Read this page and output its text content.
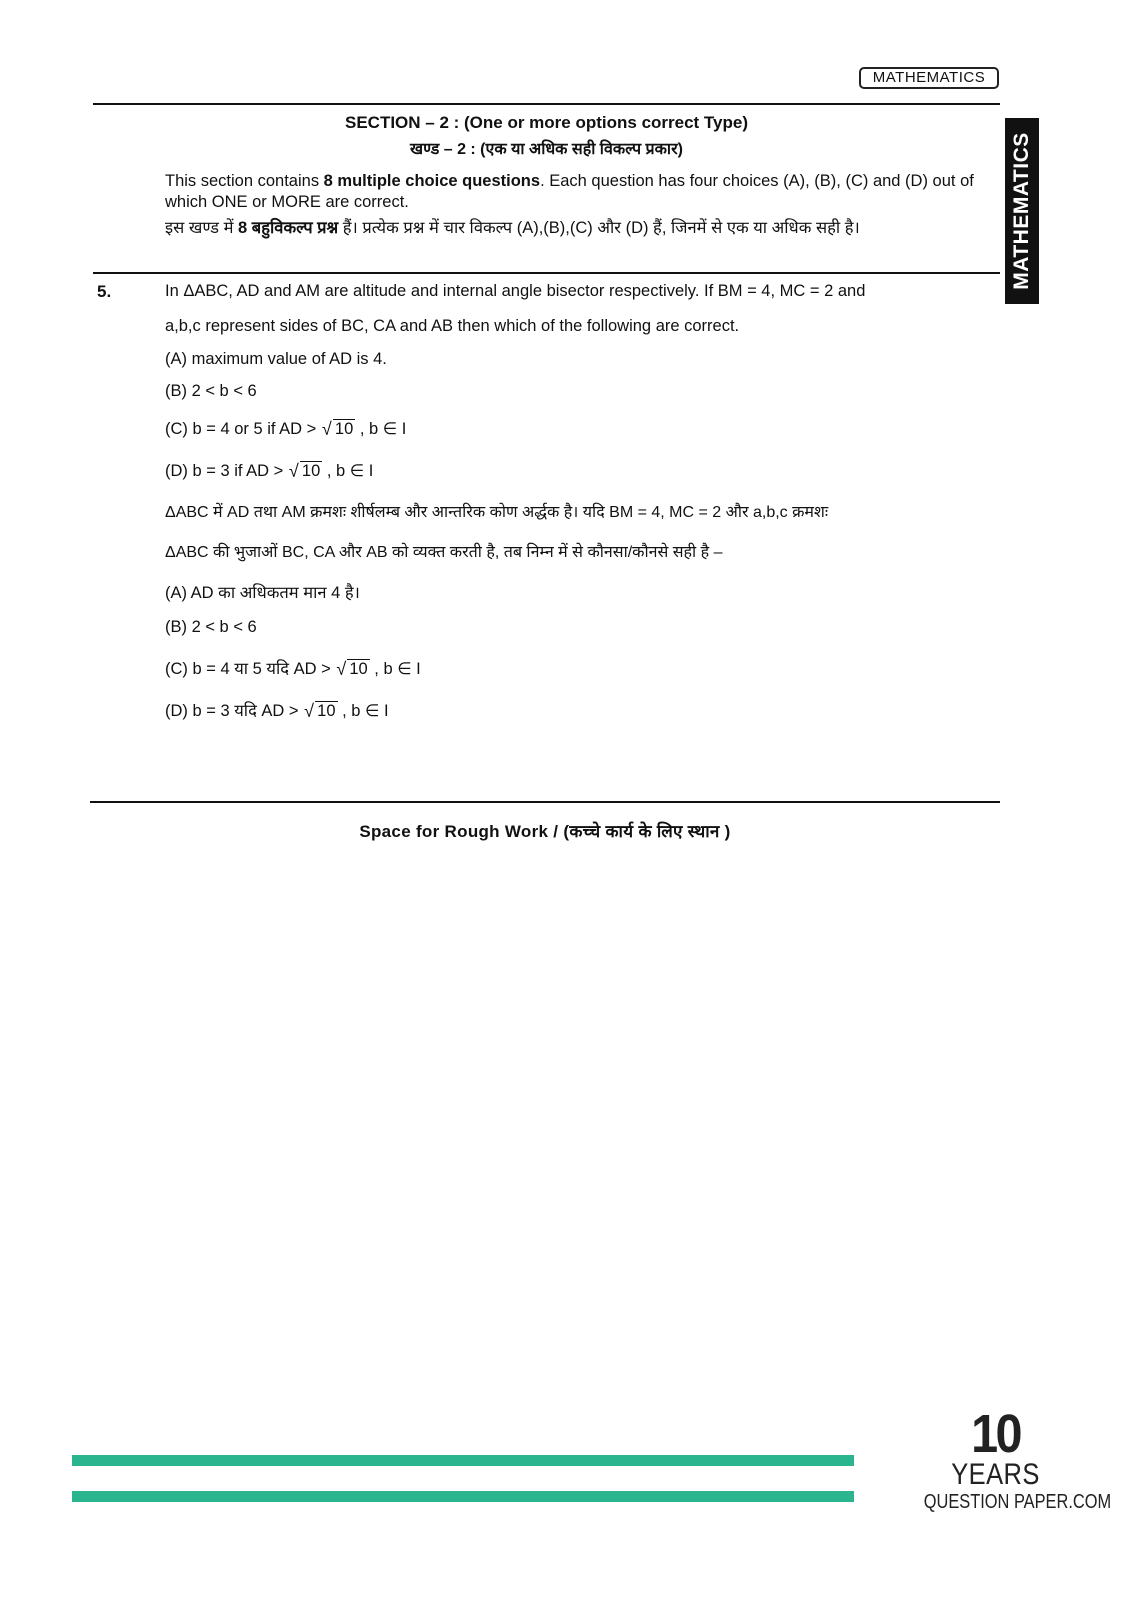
MATHEMATICS
MATHEMATICS
SECTION – 2 : (One or more options correct Type)
खण्ड – 2 : (एक या अधिक सही विकल्प प्रकार)
This section contains 8 multiple choice questions. Each question has four choices (A), (B), (C) and (D) out of which ONE or MORE are correct.
इस खण्ड में 8 बहुविकल्प प्रश्न हैं। प्रत्येक प्रश्न में चार विकल्प (A),(B),(C) और (D) हैं, जिनमें से एक या अधिक सही है।
5.	In ΔABC, AD and AM are altitude and internal angle bisector respectively. If BM = 4, MC = 2 and
a,b,c represent sides of BC, CA and AB then which of the following are correct.
(A) maximum value of AD is 4.
(B) 2 < b < 6
(C) b = 4 or 5 if AD > √ 10 , b ∈ I
(D) b = 3 if AD > √ 10 , b ∈ I
ΔABC में AD तथा AM क्रमशः शीर्षलम्ब और आन्तरिक कोण अर्द्धक है। यदि BM = 4, MC = 2 और a,b,c क्रमशः
ΔABC की भुजाओं BC, CA और AB को व्यक्त करती है, तब निम्न में से कौनसा/कौनसे सही है –
(A) AD का अधिकतम मान 4 है।
(B) 2 < b < 6
(C) b = 4 या 5 यदि AD > √ 10 , b ∈ I
(D) b = 3 यदि AD > √ 10 , b ∈ I
Space for Rough Work / (कच्चे कार्य के लिए स्थान )
10
YEARS
QUESTION PAPER.COM
